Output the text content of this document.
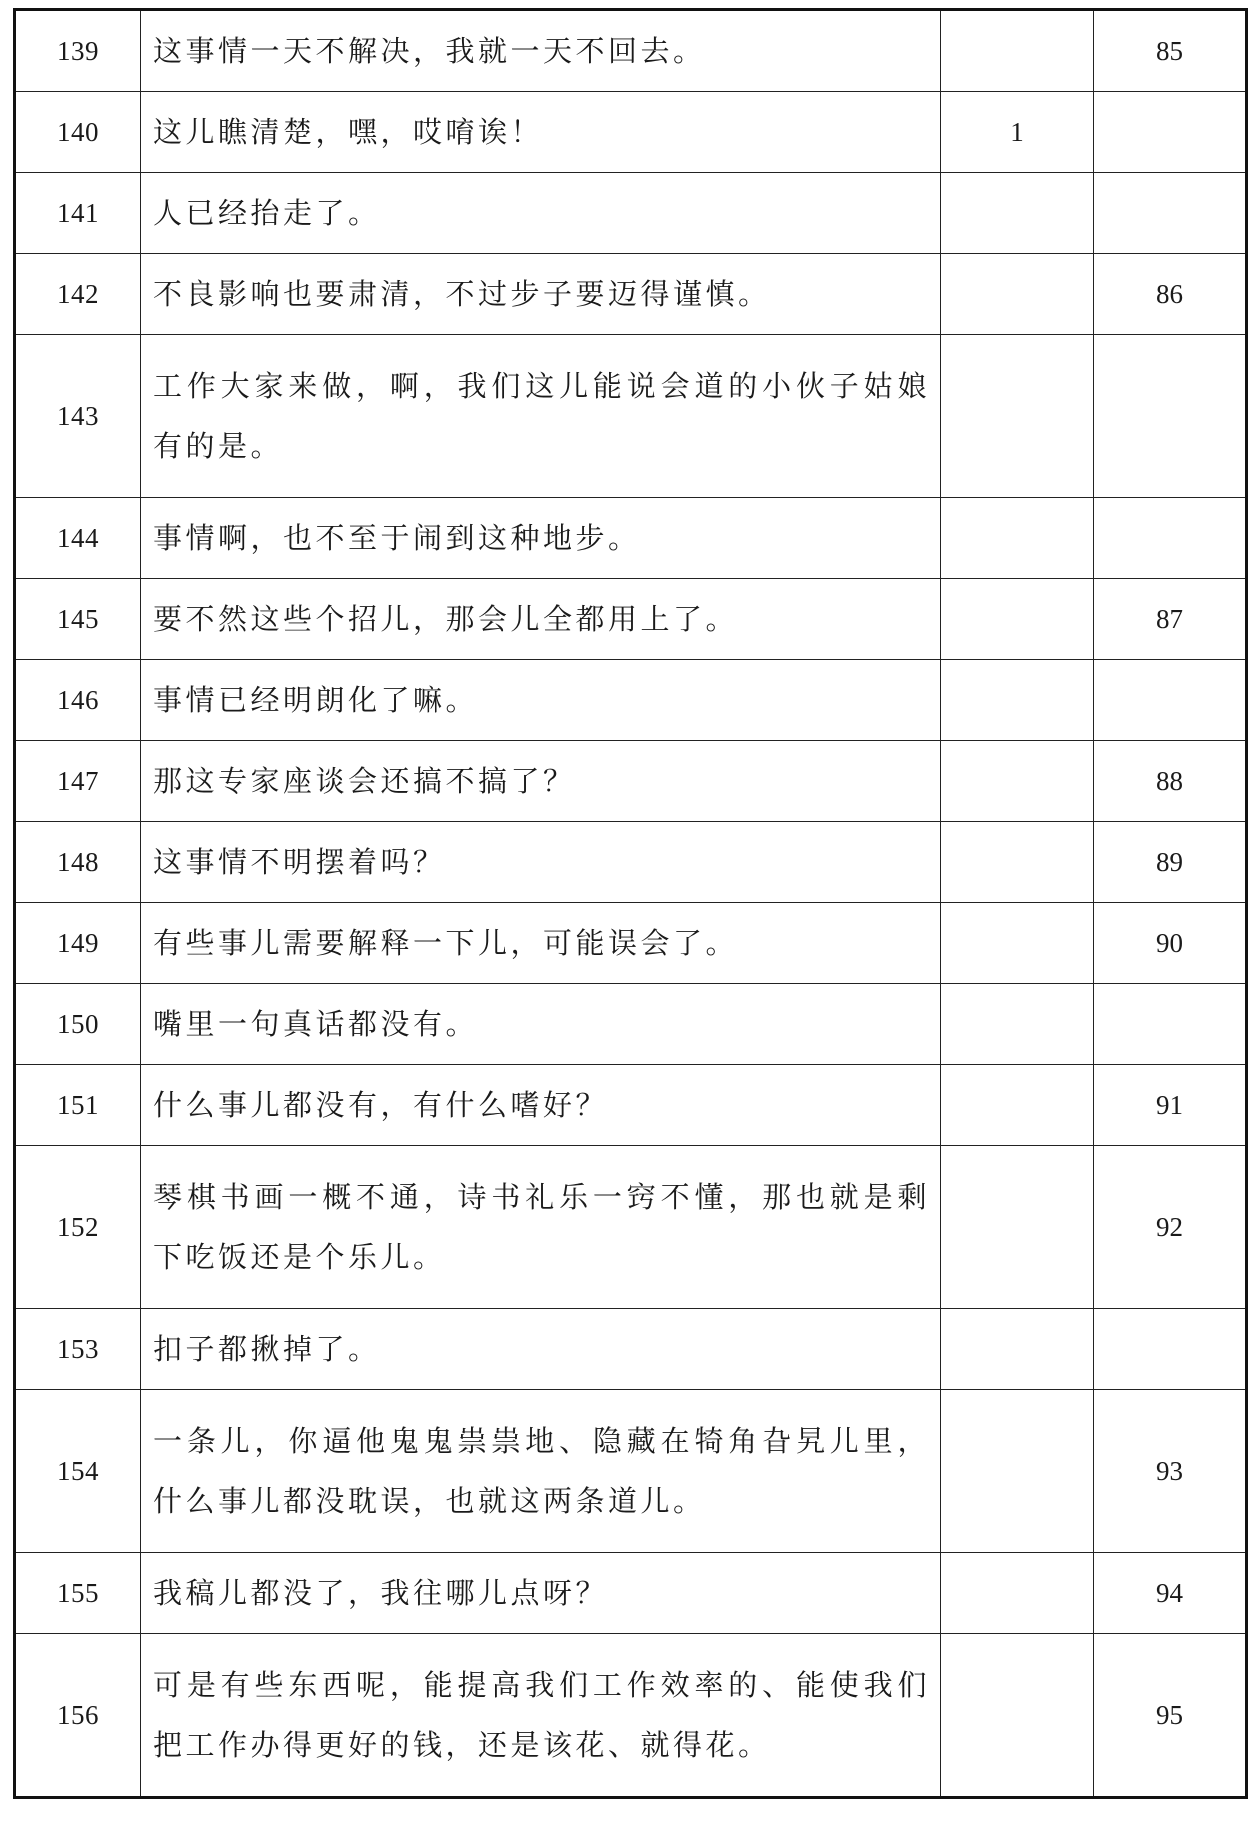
139	这事情一天不解决，我就一天不回去。		85
140	这儿瞧清楚，嘿，哎唷诶！	1	
141	人已经抬走了。		
142	不良影响也要肃清，不过步子要迈得谨慎。		86
143	工作大家来做，啊，我们这儿能说会道的小伙子姑娘有的是。		
144	事情啊，也不至于闹到这种地步。		
145	要不然这些个招儿，那会儿全都用上了。		87
146	事情已经明朗化了嘛。		
147	那这专家座谈会还搞不搞了？		88
148	这事情不明摆着吗？		89
149	有些事儿需要解释一下儿，可能误会了。		90
150	嘴里一句真话都没有。		
151	什么事儿都没有，有什么嗜好？		91
152	琴棋书画一概不通，诗书礼乐一窍不懂，那也就是剩下吃饭还是个乐儿。		92
153	扣子都揪掉了。		
154	一条儿，你逼他鬼鬼祟祟地、隐藏在犄角旮旯儿里，什么事儿都没耽误，也就这两条道儿。		93
155	我稿儿都没了，我往哪儿点呀？		94
156	可是有些东西呢，能提高我们工作效率的、能使我们把工作办得更好的钱，还是该花、就得花。		95
